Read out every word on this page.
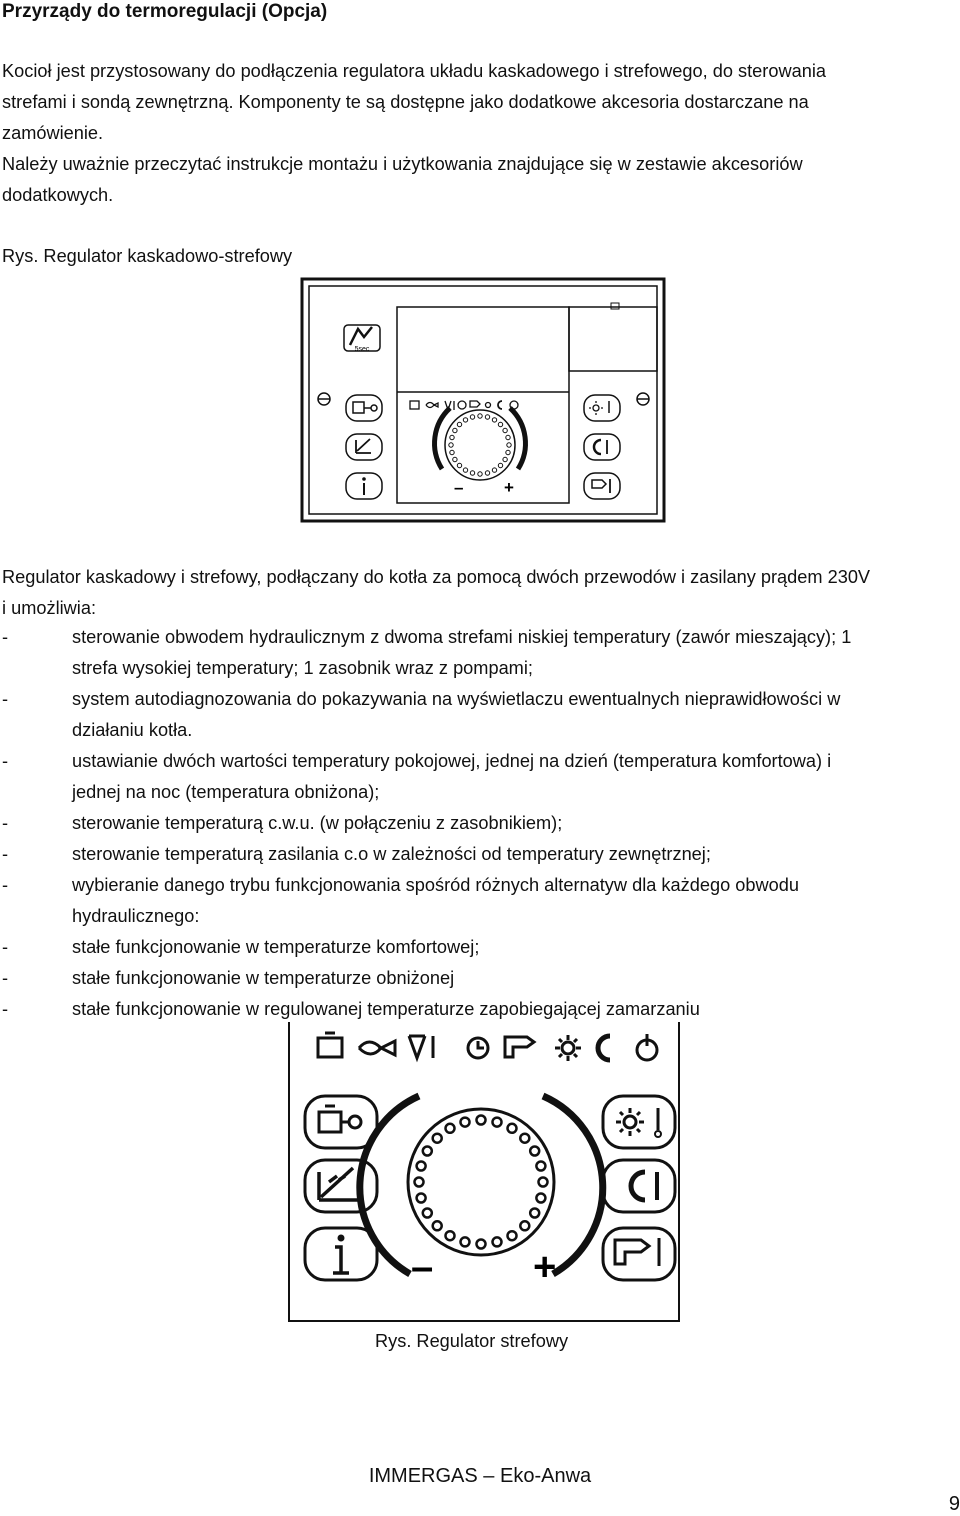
Przyrządy do termoregulacji (Opcja)

Kocioł jest przystosowany do podłączenia regulatora układu kaskadowego i strefowego, do sterowania

strefami i sondą zewnętrzną. Komponenty te są dostępne jako dodatkowe akcesoria dostarczane na

zamówienie.

Należy uważnie przeczytać instrukcje montażu i użytkowania znajdujące się w zestawie akcesoriów

dodatkowych.

Rys. Regulator kaskadowo-strefowy
5sec
– +

Regulator kaskadowy i strefowy, podłączany do kotła za pomocą dwóch przewodów i zasilany prądem 230V

i umożliwia:

-	sterowanie obwodem hydraulicznym z dwoma strefami niskiej temperatury (zawór mieszający); 1
strefa wysokiej temperatury; 1 zasobnik wraz z pompami;
-	system autodiagnozowania do pokazywania na wyświetlaczu ewentualnych nieprawidłowości w
działaniu kotła.
-	ustawianie dwóch wartości temperatury pokojowej, jednej na dzień (temperatura komfortowa) i
jednej na noc (temperatura obniżona);
-	sterowanie temperaturą c.w.u. (w połączeniu z zasobnikiem);
-	sterowanie temperaturą zasilania c.o w zależności od temperatury zewnętrznej;
-	wybieranie danego trybu funkcjonowania spośród różnych alternatyw dla każdego obwodu
hydraulicznego:
-	stałe funkcjonowanie w temperaturze komfortowej;
-	stałe funkcjonowanie w temperaturze obniżonej
-	stałe funkcjonowanie w regulowanej temperaturze zapobiegającej zamarzaniu
– +
Rys. Regulator strefowy
IMMERGAS – Eko-Anwa
9
